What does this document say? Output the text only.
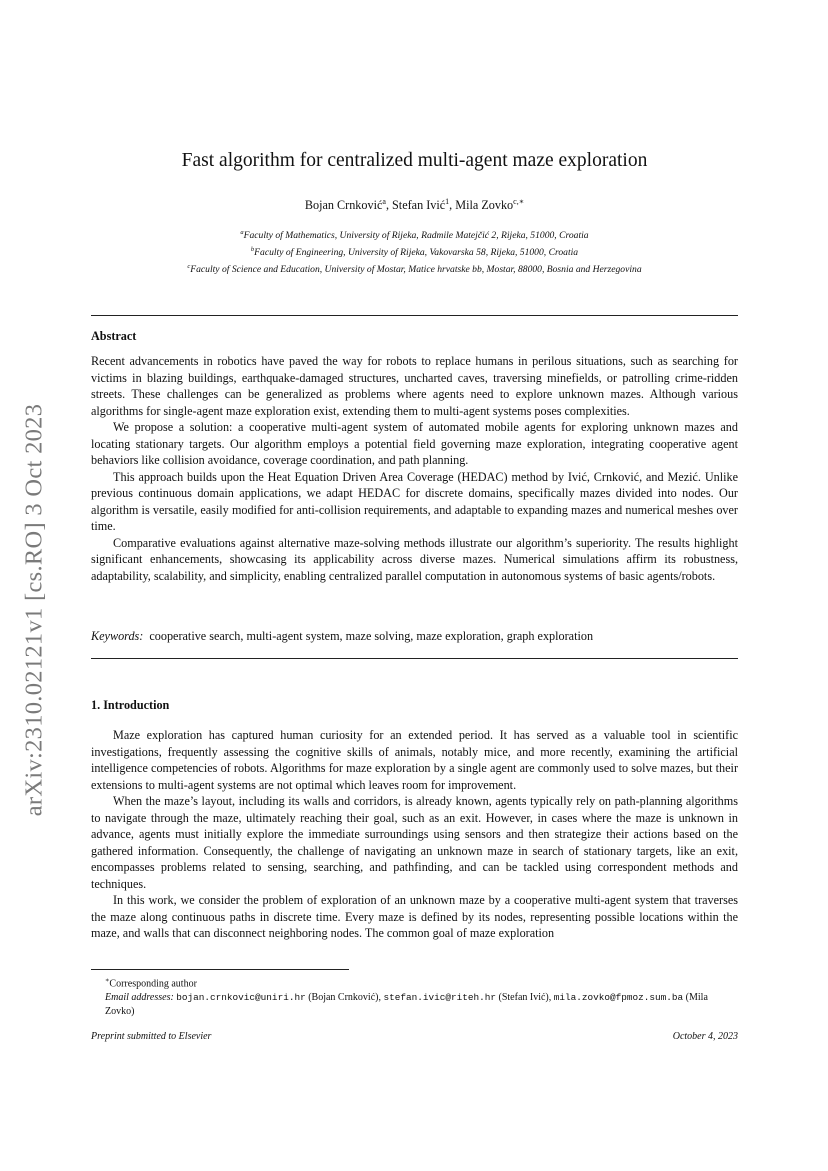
arXiv:2310.02121v1 [cs.RO] 3 Oct 2023
Fast algorithm for centralized multi-agent maze exploration
Bojan Crnković$^a$, Stefan Ivić$^1$, Mila Zovko$^{c,∗}$
$^a$Faculty of Mathematics, University of Rijeka, Radmile Matejčić 2, Rijeka, 51000, Croatia
$^b$Faculty of Engineering, University of Rijeka, Vakovarska 58, Rijeka, 51000, Croatia
$^c$Faculty of Science and Education, University of Mostar, Matice hrvatske bb, Mostar, 88000, Bosnia and Herzegovina
Abstract

Recent advancements in robotics have paved the way for robots to replace humans in perilous situations, such as searching for victims in blazing buildings, earthquake-damaged structures, uncharted caves, traversing minefields, or patrolling crime-ridden streets. These challenges can be generalized as problems where agents need to explore unknown mazes. Although various algorithms for single-agent maze exploration exist, extending them to multi-agent systems poses complexities.

We propose a solution: a cooperative multi-agent system of automated mobile agents for exploring unknown mazes and locating stationary targets. Our algorithm employs a potential field governing maze exploration, integrating cooperative agent behaviors like collision avoidance, coverage coordination, and path planning.

This approach builds upon the Heat Equation Driven Area Coverage (HEDAC) method by Ivić, Crnković, and Mezić. Unlike previous continuous domain applications, we adapt HEDAC for discrete domains, specifically mazes divided into nodes. Our algorithm is versatile, easily modified for anti-collision requirements, and adaptable to expanding mazes and numerical meshes over time.

Comparative evaluations against alternative maze-solving methods illustrate our algorithm’s superiority. The results highlight significant enhancements, showcasing its applicability across diverse mazes. Numerical simulations affirm its robustness, adaptability, scalability, and simplicity, enabling centralized parallel computation in autonomous systems of basic agents/robots.

Keywords: cooperative search, multi-agent system, maze solving, maze exploration, graph exploration
1. Introduction

Maze exploration has captured human curiosity for an extended period. It has served as a valuable tool in scientific investigations, frequently assessing the cognitive skills of animals, notably mice, and more recently, examining the artificial intelligence competencies of robots. Algorithms for maze exploration by a single agent are commonly used to solve mazes, but their extensions to multi-agent systems are not optimal which leaves room for improvement.

When the maze’s layout, including its walls and corridors, is already known, agents typically rely on path-planning algorithms to navigate through the maze, ultimately reaching their goal, such as an exit. However, in cases where the maze is unknown in advance, agents must initially explore the immediate surroundings using sensors and then strategize their actions based on the gathered information. Consequently, the challenge of navigating an unknown maze in search of stationary targets, like an exit, encompasses problems related to sensing, searching, and pathfinding, and can be tackled using correspondent methods and techniques.

In this work, we consider the problem of exploration of an unknown maze by a cooperative multi-agent system that traverses the maze along continuous paths in discrete time. Every maze is defined by its nodes, representing possible locations within the maze, and walls that can disconnect neighboring nodes. The common goal of maze exploration

∗Corresponding author
Email addresses: bojan.crnkovic@uniri.hr (Bojan Crnković), stefan.ivic@riteh.hr (Stefan Ivić), mila.zovko@fpmoz.sum.ba (Mila Zovko)
Preprint submitted to Elsevier	October 4, 2023
